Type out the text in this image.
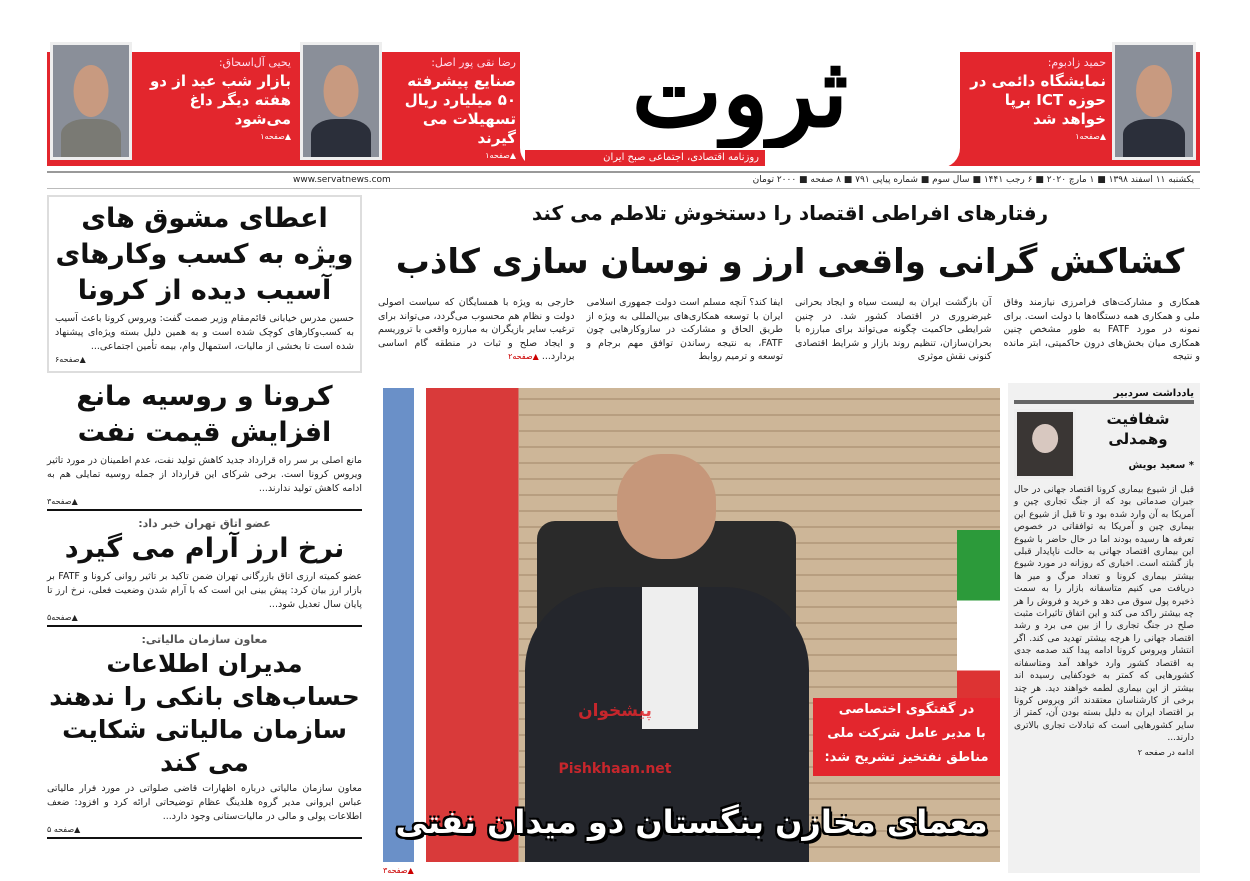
ثروت
روزنامه اقتصادی، اجتماعی صبح ایران
حمید زادبوم:
نمایشگاه دائمی در حوزه ICT برپا خواهد شد
▲صفحه۱
رضا نقی پور اصل:
صنایع پیشرفته ۵۰ میلیارد ریال تسهیلات می گیرند
▲صفحه۱
یحیی آل‌اسحاق:
بازار شب عید از دو هفته دیگر داغ می‌شود
▲صفحه۱
یکشنبه ۱۱ اسفند ۱۳۹۸ ■ ۱ مارچ ۲۰۲۰ ■ ۶ رجب ۱۴۴۱ ■ سال سوم ■ شماره پیاپی ۷۹۱ ■ ۸ صفحه ■ ۲۰۰۰ تومان
www.servatnews.com
رفتارهای افراطی اقتصاد را دستخوش تلاطم می کند
کشاکش گرانی واقعی ارز و نوسان سازی کاذب

همکاری و مشارکت‌های فرامرزی نیازمند وفاق ملی و همکاری همه دستگاه‌ها با دولت است. برای نمونه در مورد FATF به طور مشخص چنین همکاری میان بخش‌های درون حاکمیتی، ابتر مانده و نتیجه

آن بازگشت ایران به لیست سیاه و ایجاد بحرانی غیرضروری در اقتصاد کشور شد. در چنین شرایطی حاکمیت چگونه می‌تواند برای مبارزه با بحران‌سازان، تنظیم روند بازار و شرایط اقتصادی کنونی نقش موثری

ایفا کند؟ آنچه مسلم است دولت جمهوری اسلامی ایران با توسعه همکاری‌های بین‌المللی به ویژه از طریق الحاق و مشارکت در سازوکارهایی چون FATF، به نتیجه رساندن توافق مهم برجام و توسعه و ترمیم روابط

خارجی به ویژه با همسایگان که سیاست اصولی دولت و نظام هم محسوب می‌گردد، می‌تواند برای ترغیب سایر بازیگران به مبارزه واقعی با تروریسم و ایجاد صلح و ثبات در منطقه گام اساسی بردارد... ▲صفحه۲

پیشخوان
Pishkhaan.net
در گفتگوی اختصاصی
با مدیر عامل شرکت ملی
مناطق نفتخیز تشریح شد:
معمای مخازن بنگستان دو میدان نفتی
▲صفحه۳
یادداشت سردبیر
شفافیت وهمدلی
* سعید بویش
قبل از شیوع بیماری کرونا اقتصاد جهانی در حال جبران صدماتی بود که از جنگ تجاری چین و آمریکا به آن وارد شده بود و تا قبل از شیوع این بیماری چین و آمریکا به توافقاتی در خصوص تعرفه ها رسیده بودند اما در حال حاضر با شیوع این بیماری اقتصاد جهانی به حالت ناپایدار قبلی باز گشته است. اخباری که روزانه در مورد شیوع بیشتر بیماری کرونا و تعداد مرگ و میر ها دریافت می کنیم متاسفانه بازار را به سمت ذخیره پول سوق می دهد و خرید و فروش را هر چه بیشتر راکد می کند و این اتفاق تاثیرات مثبت صلح در جنگ تجاری را از بین می برد و رشد اقتصاد جهانی را هرچه بیشتر تهدید می کند. اگر انتشار ویروس کرونا ادامه پیدا کند صدمه جدی به اقتصاد کشور وارد خواهد آمد ومتاسفانه کشورهایی که کمتر به خودکفایی رسیده اند بیشتر از این بیماری لطمه خواهند دید. هر چند برخی از کارشناسان معتقدند اثر ویروس کرونا بر اقتصاد ایران به دلیل بسته بودن آن، کمتر از سایر کشورهایی است که تبادلات تجاری بالاتری دارند...
ادامه در صفحه ۲
اعطای مشوق های ویژه به کسب وکارهای آسیب دیده از کرونا

حسین مدرس خیابانی قائم‌مقام وزیر صمت گفت: ویروس کرونا باعث آسیب به کسب‌وکارهای کوچک شده است و به همین دلیل بسته ویژه‌ای پیشنهاد شده است تا بخشی از مالیات، استمهال وام، بیمه تأمین اجتماعی...

▲صفحه۶
کرونا و روسیه مانع افزایش قیمت نفت

مانع اصلی بر سر راه قرارداد جدید کاهش تولید نفت، عدم اطمینان در مورد تاثیر ویروس کرونا است. برخی شرکای این قرارداد از جمله روسیه تمایلی هم به ادامه کاهش تولید ندارند...

▲صفحه۳
عضو اتاق تهران خبر داد:
نرخ ارز آرام می گیرد

عضو کمیته ارزی اتاق بازرگانی تهران ضمن تاکید بر تاثیر روانی کرونا و FATF بر بازار ارز بیان کرد: پیش بینی این است که با آرام شدن وضعیت فعلی، نرخ ارز تا پایان سال تعدیل شود...

▲صفحه۵
معاون سازمان مالیاتی:
مدیران اطلاعات حساب‌های بانکی را ندهند سازمان مالیاتی شکایت می کند

معاون سازمان مالیاتی درباره اظهارات قاضی صلواتی در مورد فرار مالیاتی عباس ایروانی مدیر گروه هلدینگ عظام توضیحاتی ارائه کرد و افزود: ضعف اطلاعات پولی و مالی در مالیات‌ستانی وجود دارد...

▲صفحه ۵
